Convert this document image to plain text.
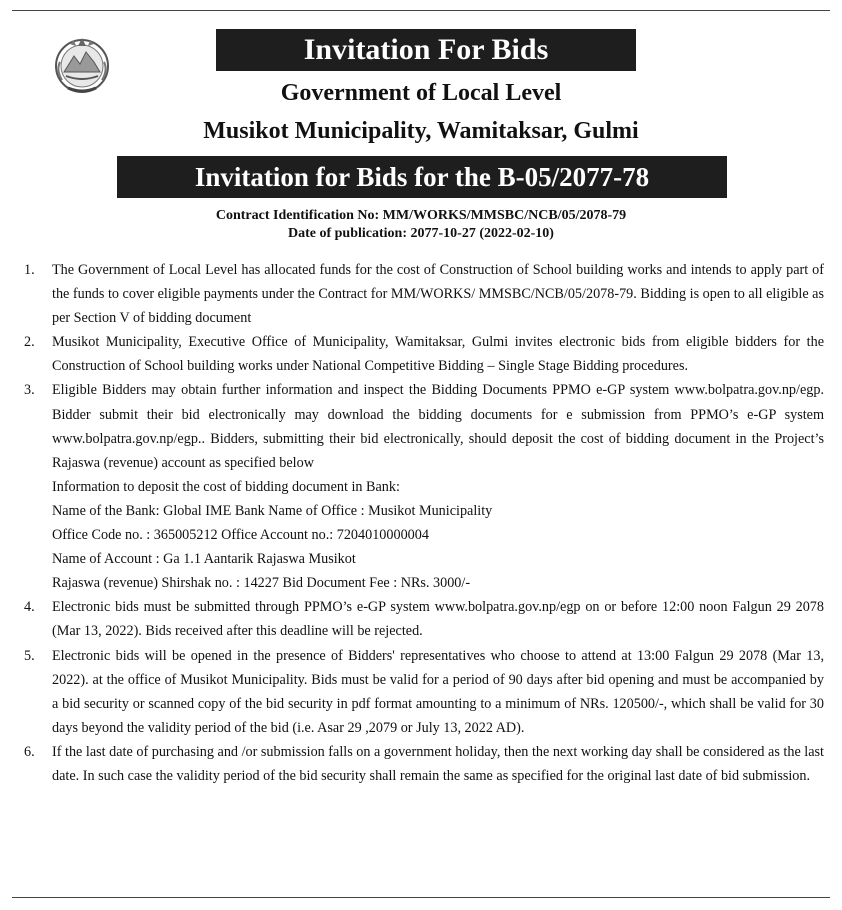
Invitation For Bids
Government of Local Level
Musikot Municipality, Wamitaksar, Gulmi
Invitation for Bids for the B-05/2077-78
Contract Identification No: MM/WORKS/MMSBC/NCB/05/2078-79
Date of publication: 2077-10-27 (2022-02-10)
1.	The Government of Local Level has allocated funds for the cost of Construction of School building works and intends to apply part of the funds to cover eligible payments under the Contract for MM/WORKS/ MMSBC/NCB/05/2078-79. Bidding is open to all eligible as per Section V of bidding document
2.	Musikot Municipality, Executive Office of Municipality, Wamitaksar, Gulmi invites electronic bids from eligible bidders for the Construction of School building works under National Competitive Bidding – Single Stage Bidding procedures.
3.	Eligible Bidders may obtain further information and inspect the Bidding Documents PPMO e-GP system www.bolpatra.gov.np/egp. Bidder submit their bid electronically may download the bidding documents for e submission from PPMO’s e-GP system www.bolpatra.gov.np/egp.. Bidders, submitting their bid electronically, should deposit the cost of bidding document in the Project’s Rajaswa (revenue) account as specified below
Information to deposit the cost of bidding document in Bank:
Name of the Bank: Global IME Bank Name of Office : Musikot Municipality
Office Code no. : 365005212 Office Account no.: 7204010000004
Name of Account : Ga 1.1 Aantarik Rajaswa Musikot
Rajaswa (revenue) Shirshak no. : 14227 Bid Document Fee : NRs. 3000/-
4.	Electronic bids must be submitted through PPMO’s e-GP system www.bolpatra.gov.np/egp on or before 12:00 noon Falgun 29 2078 (Mar 13, 2022). Bids received after this deadline will be rejected.
5.	Electronic bids will be opened in the presence of Bidders' representatives who choose to attend at 13:00 Falgun 29 2078 (Mar 13, 2022). at the office of Musikot Municipality. Bids must be valid for a period of 90 days after bid opening and must be accompanied by a bid security or scanned copy of the bid security in pdf format amounting to a minimum of NRs. 120500/-, which shall be valid for 30 days beyond the validity period of the bid (i.e. Asar 29 ,2079 or July 13, 2022 AD).
6.	If the last date of purchasing and /or submission falls on a government holiday, then the next working day shall be considered as the last date. In such case the validity period of the bid security shall remain the same as specified for the original last date of bid submission.
